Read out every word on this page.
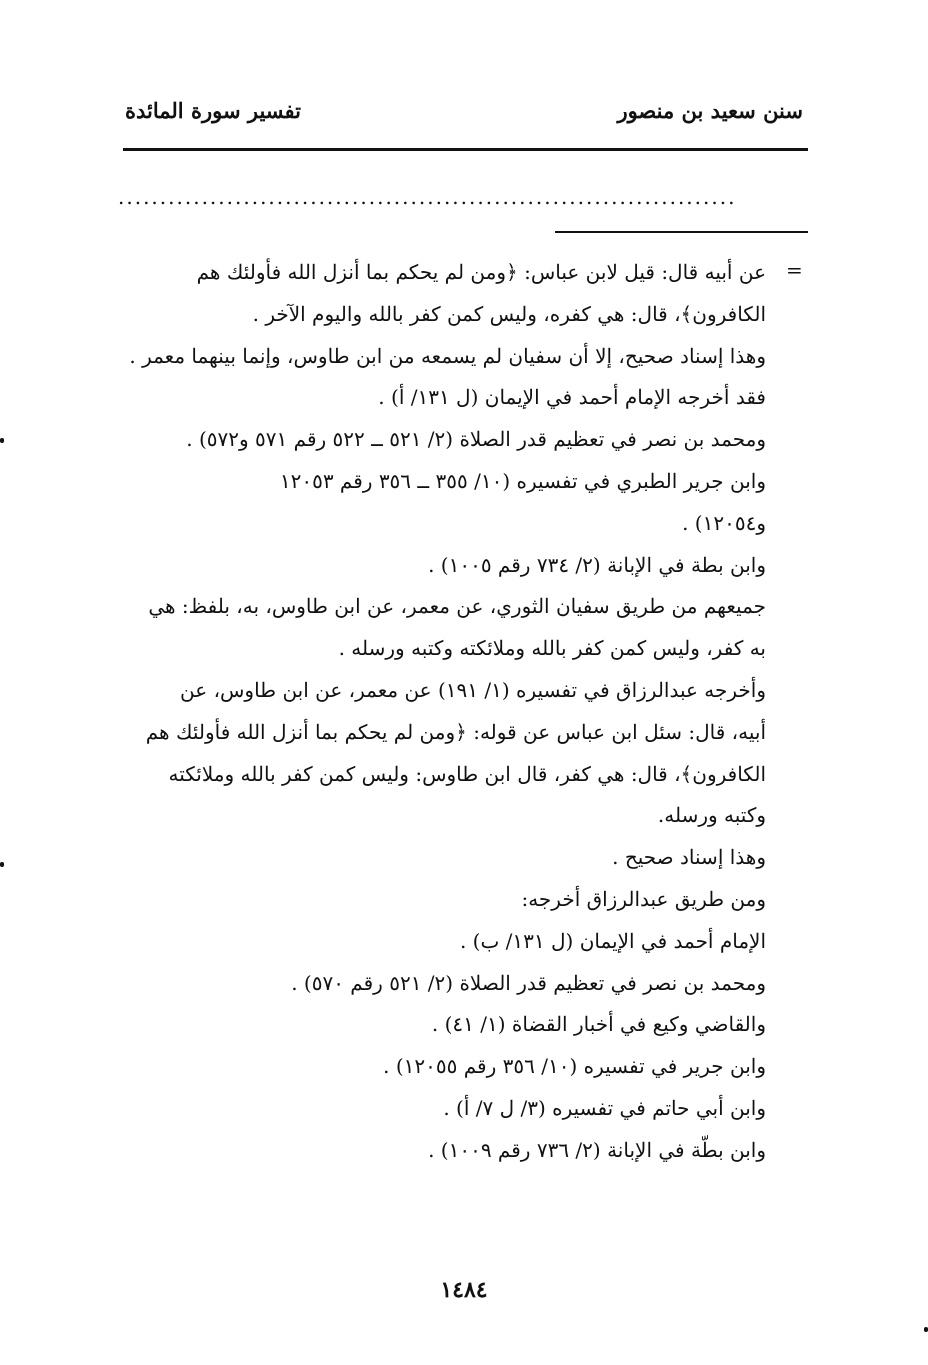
سنن سعيد بن منصور
تفسير سورة المائدة
..........................................................................
=

عن أبيه قال: قيل لابن عباس: ﴿ومن لم يحكم بما أنزل الله فأولئك هم

الكافرون﴾، قال: هي كفره، وليس كمن كفر بالله واليوم الآخر .

وهذا إسناد صحيح، إلا أن سفيان لم يسمعه من ابن طاوس، وإنما بينهما معمر .

فقد أخرجه الإمام أحمد في الإيمان (ل ١٣١/ أ) .

ومحمد بن نصر في تعظيم قدر الصلاة (٢/ ٥٢١ ــ ٥٢٢ رقم ٥٧١ و٥٧٢) .

وابن جرير الطبري في تفسيره (١٠/ ٣٥٥ ــ ٣٥٦ رقم ١٢٠٥٣

و١٢٠٥٤) .

وابن بطة في الإبانة (٢/ ٧٣٤ رقم ١٠٠٥) .

جميعهم من طريق سفيان الثوري، عن معمر، عن ابن طاوس، به، بلفظ: هي

به كفر، وليس كمن كفر بالله وملائكته وكتبه ورسله .

وأخرجه عبدالرزاق في تفسيره (١/ ١٩١) عن معمر، عن ابن طاوس، عن

أبيه، قال: سئل ابن عباس عن قوله: ﴿ومن لم يحكم بما أنزل الله فأولئك هم

الكافرون﴾، قال: هي كفر، قال ابن طاوس: وليس كمن كفر بالله وملائكته

وكتبه ورسله.

وهذا إسناد صحيح .

ومن طريق عبدالرزاق أخرجه:

الإمام أحمد في الإيمان (ل ١٣١/ ب) .

ومحمد بن نصر في تعظيم قدر الصلاة (٢/ ٥٢١ رقم ٥٧٠) .

والقاضي وكيع في أخبار القضاة (١/ ٤١) .

وابن جرير في تفسيره (١٠/ ٣٥٦ رقم ١٢٠٥٥) .

وابن أبي حاتم في تفسيره (٣/ ل ٧/ أ) .

وابن بطّة في الإبانة (٢/ ٧٣٦ رقم ١٠٠٩) .

١٤٨٤
